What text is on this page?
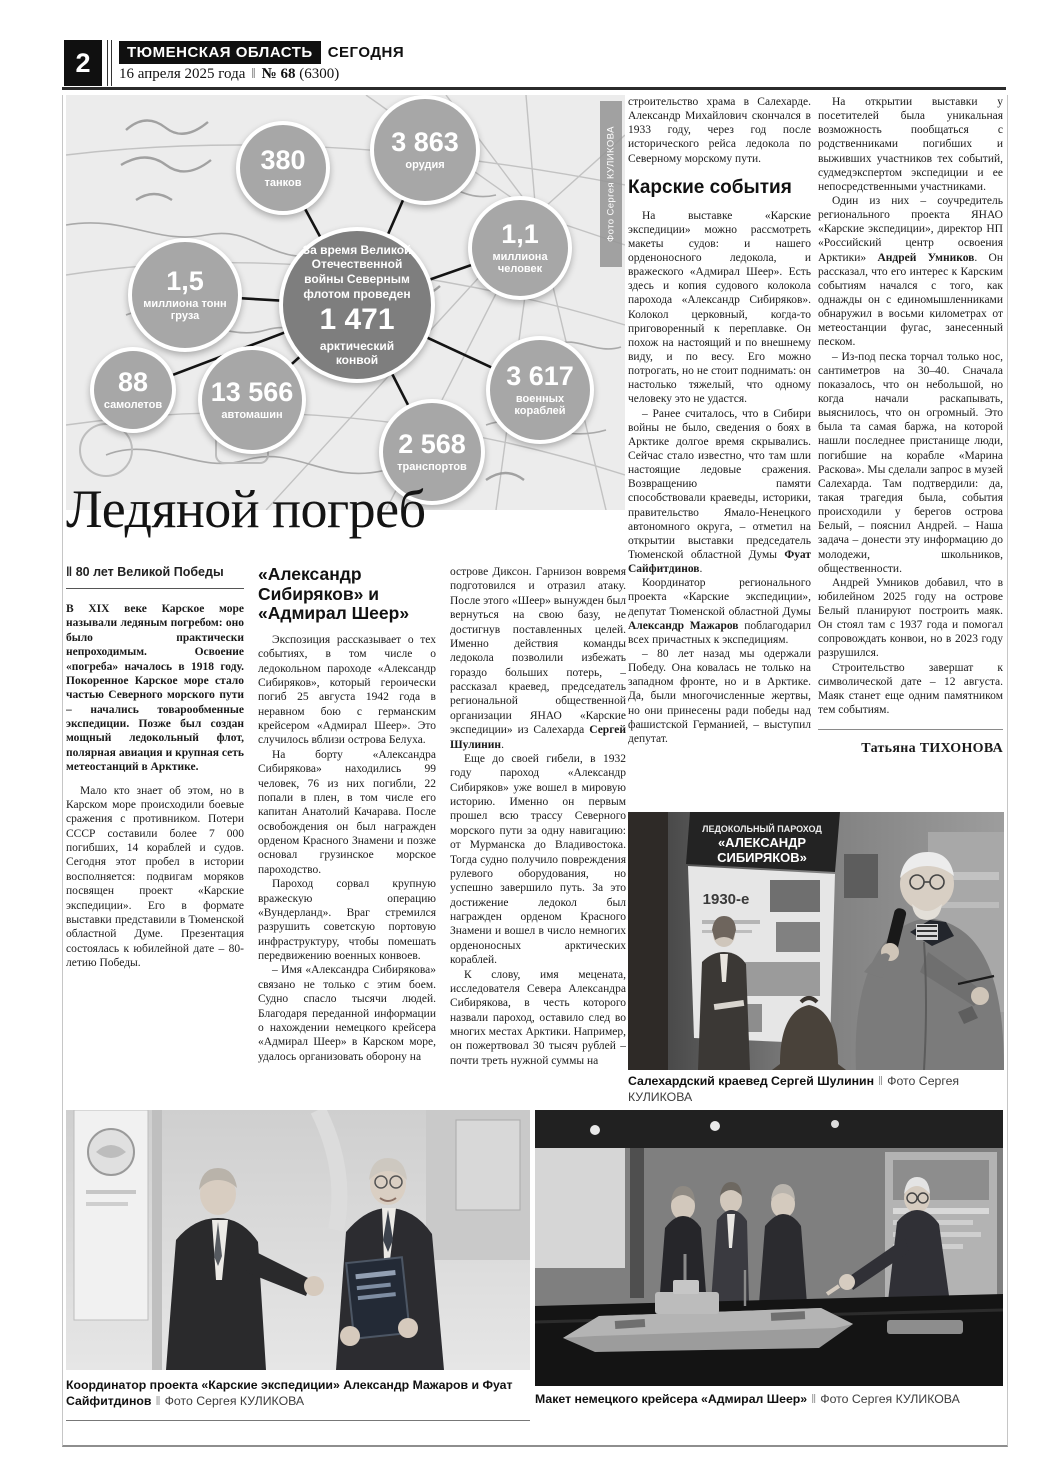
2	ТЮМЕНСКАЯ ОБЛАСТЬ	СЕГОДНЯ
16 апреля 2025 года ‖ № 68 (6300)
380
танков
3 863
орудия
1,5
миллиона тонн груза
1,1
миллиона человек
За время Великой Отечественной войны Северным флотом проведен
1 471
арктический конвой
88
самолетов 13 566
автомашин
2 568
транспортов
3 617
военных кораблей
Фото Сергея КУЛИКОВА
Ледяной погреб
‖ 80 лет Великой Победы

В XIX веке Карское море называли ледяным погребом: оно было практически непроходимым. Освоение «погреба» началось в 1918 году. Покоренное Карское море стало частью Северного морского пути – начались товарообменные экспедиции. Позже был создан мощный ледокольный флот, полярная авиация и крупная сеть метеостанций в Арктике.

Мало кто знает об этом, но в Карском море происходили боевые сражения с противником. Потери СССР составили более 7 000 погибших, 14 кораблей и судов. Сегодня этот пробел в истории восполняется: подвигам моряков посвящен проект «Карские экспедиции». Его в формате выставки представили в Тюменской областной Думе. Презентация состоялась к юбилейной дате – 80-летию Победы.

«Александр Сибиряков» и «Адмирал Шеер»

Экспозиция рассказывает о тех событиях, в том числе о ледокольном пароходе «Александр Сибиряков», который героически погиб 25 августа 1942 года в неравном бою с германским крейсером «Адмирал Шеер». Это случилось вблизи острова Белуха.

На борту «Александра Сибирякова» находились 99 человек, 76 из них погибли, 22 попали в плен, в том числе его капитан Анатолий Качарава. После освобождения он был награжден орденом Красного Знамени и позже основал грузинское морское пароходство.

Пароход сорвал крупную вражескую операцию «Вундерланд». Враг стремился разрушить советскую портовую инфраструктуру, чтобы помешать передвижению военных конвоев.

– Имя «Александра Сибирякова» связано не только с этим боем. Судно спасло тысячи людей. Благодаря переданной информации о нахождении немецкого крейсера «Адмирал Шеер» в Карском море, удалось организовать оборону на

острове Диксон. Гарнизон вовремя подготовился и отразил атаку. После этого «Шеер» вынужден был вернуться на свою базу, не достигнув поставленных целей. Именно действия команды ледокола позволили избежать гораздо больших потерь, – рассказал краевед, председатель региональной общественной организации ЯНАО «Карские экспедиции» из Салехарда Сергей Шулинин.

Еще до своей гибели, в 1932 году пароход «Александр Сибиряков» уже вошел в мировую историю. Именно он первым прошел всю трассу Северного морского пути за одну навигацию: от Мурманска до Владивостока. Тогда судно получило повреждения рулевого оборудования, но успешно завершило путь. За это достижение ледокол был награжден орденом Красного Знамени и вошел в число немногих орденоносных арктических кораблей.

К слову, имя мецената, исследователя Севера Александра Сибирякова, в честь которого назвали пароход, оставило след во многих местах Арктики. Например, он пожертвовал 30 тысяч рублей – почти треть нужной суммы на

строительство храма в Салехарде. Александр Михайлович скончался в 1933 году, через год после исторического рейса ледокола по Северному морскому пути.

Карские события

На выставке «Карские экспедиции» можно рассмотреть макеты судов: и нашего орденоносного ледокола, и вражеского «Адмирал Шеер». Есть здесь и копия судового колокола парохода «Александр Сибиряков». Колокол церковный, когда-то приговоренный к переплавке. Он похож на настоящий и по внешнему виду, и по весу. Его можно потрогать, но не стоит поднимать: он настолько тяжелый, что одному человеку это не удастся.

– Ранее считалось, что в Сибири войны не было, сведения о боях в Арктике долгое время скрывались. Сейчас стало известно, что там шли настоящие ледовые сражения. Возвращению памяти способствовали краеведы, историки, правительство Ямало-Ненецкого автономного округа, – отметил на открытии выставки председатель Тюменской областной Думы Фуат Сайфитдинов.

Координатор регионального проекта «Карские экспедиции», депутат Тюменской областной Думы Александр Мажаров поблагодарил всех причастных к экспедициям.

– 80 лет назад мы одержали Победу. Она ковалась не только на западном фронте, но и в Арктике. Да, были многочисленные жертвы, но они принесены ради победы над фашистской Германией, – выступил депутат.

На открытии выставки у посетителей была уникальная возможность пообщаться с родственниками погибших и выживших участников тех событий, судмедэкспертом экспедиции и ее непосредственными участниками.

Один из них – соучредитель регионального проекта ЯНАО «Карские экспедиции», директор НП «Российский центр освоения Арктики» Андрей Умников. Он рассказал, что его интерес к Карским событиям начался с того, как однажды он с единомышленниками обнаружил в восьми километрах от метеостанции фугас, занесенный песком.

– Из-под песка торчал только нос, сантиметров на 30–40. Сначала показалось, что он небольшой, но когда начали раскапывать, выяснилось, что он огромный. Это была та самая баржа, на которой нашли последнее пристанище люди, погибшие на корабле «Марина Раскова». Мы сделали запрос в музей Салехарда. Там подтвердили: да, такая трагедия была, события происходили у берегов острова Белый, – пояснил Андрей. – Наша задача – донести эту информацию до молодежи, школьников, общественности.

Андрей Умников добавил, что в юбилейном 2025 году на острове Белый планируют построить маяк. Он стоял там с 1937 года и помогал сопровождать конвои, но в 2023 году разрушился.

Строительство завершат к символической дате – 12 августа. Маяк станет еще одним памятником тем событиям.

Татьяна ТИХОНОВА
ЛЕДОКОЛЬНЫЙ ПАРОХОД
«АЛЕКСАНДР
СИБИРЯКОВ»
1930-е
Салехардский краевед Сергей Шулинин ‖ Фото Сергея КУЛИКОВА
Координатор проекта «Карские экспедиции» Александр Мажаров и Фуат Сайфитдинов ‖ Фото Сергея КУЛИКОВА	Макет немецкого крейсера «Адмирал Шеер» ‖ Фото Сергея КУЛИКОВА
